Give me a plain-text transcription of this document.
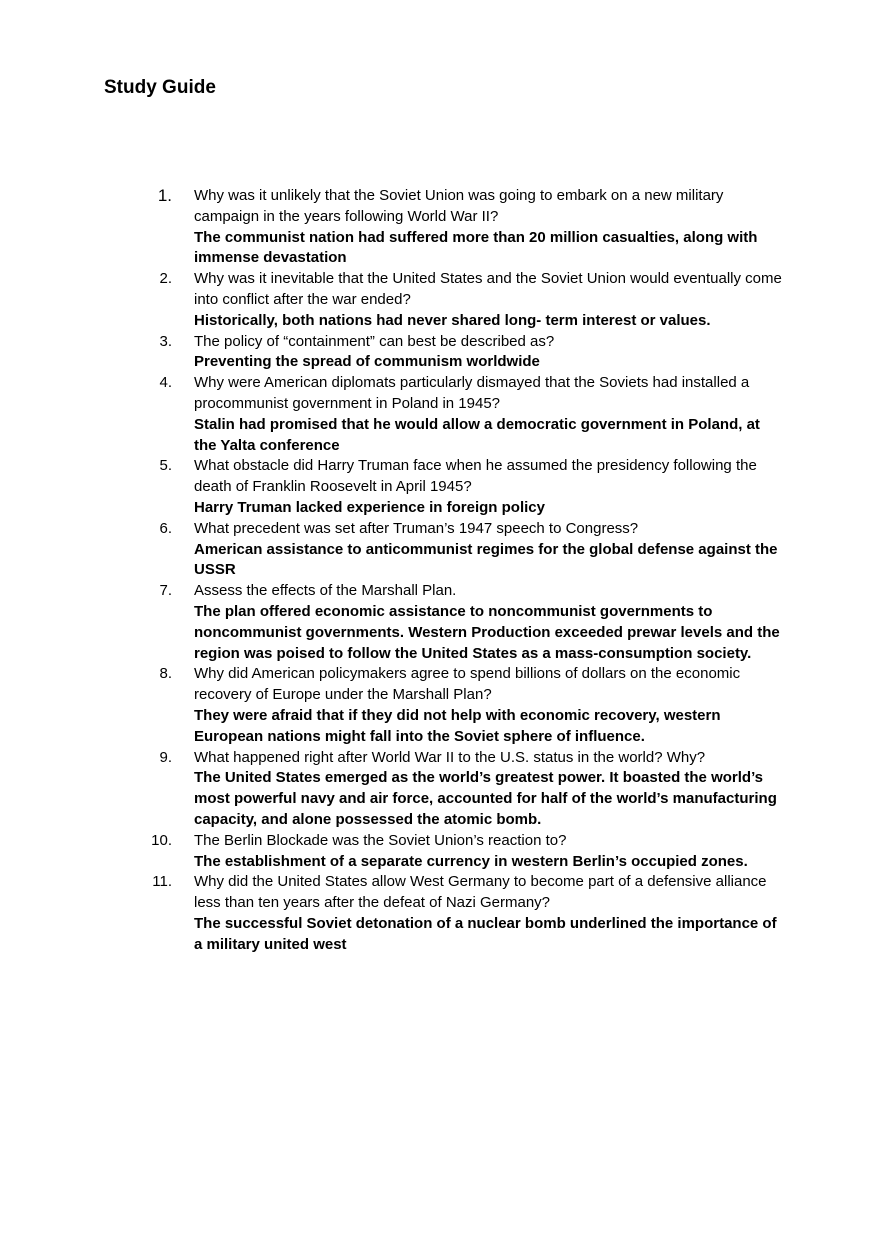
Study Guide
1. Why was it unlikely that the Soviet Union was going to embark on a new military campaign in the years following World War II?
The communist nation had suffered more than 20 million casualties, along with immense devastation
2. Why was it inevitable that the United States and the Soviet Union would eventually come into conflict after the war ended?
Historically, both nations had never shared long- term interest or values.
3. The policy of “containment” can best be described as?
Preventing the spread of communism worldwide
4. Why were American diplomats particularly dismayed that the Soviets had installed a procommunist government in Poland in 1945?
Stalin had promised that he would allow a democratic government in Poland, at the Yalta conference
5. What obstacle did Harry Truman face when he assumed the presidency following the death of Franklin Roosevelt in April 1945?
Harry Truman lacked experience in foreign policy
6. What precedent was set after Truman’s 1947 speech to Congress?
American assistance to anticommunist regimes for the global defense against the USSR
7. Assess the effects of the Marshall Plan.
The plan offered economic assistance to noncommunist governments to noncommunist governments. Western Production exceeded prewar levels and the region was poised to follow the United States as a mass-consumption society.
8. Why did American policymakers agree to spend billions of dollars on the economic recovery of Europe under the Marshall Plan?
They were afraid that if they did not help with economic recovery, western European nations might fall into the Soviet sphere of influence.
9. What happened right after World War II to the U.S. status in the world? Why?
The United States emerged as the world’s greatest power. It boasted the world’s most powerful navy and air force, accounted for half of the world’s manufacturing capacity, and alone possessed the atomic bomb.
10. The Berlin Blockade was the Soviet Union’s reaction to?
The establishment of a separate currency in western Berlin’s occupied zones.
11. Why did the United States allow West Germany to become part of a defensive alliance less than ten years after the defeat of Nazi Germany?
The successful Soviet detonation of a nuclear bomb underlined the importance of a military united west
